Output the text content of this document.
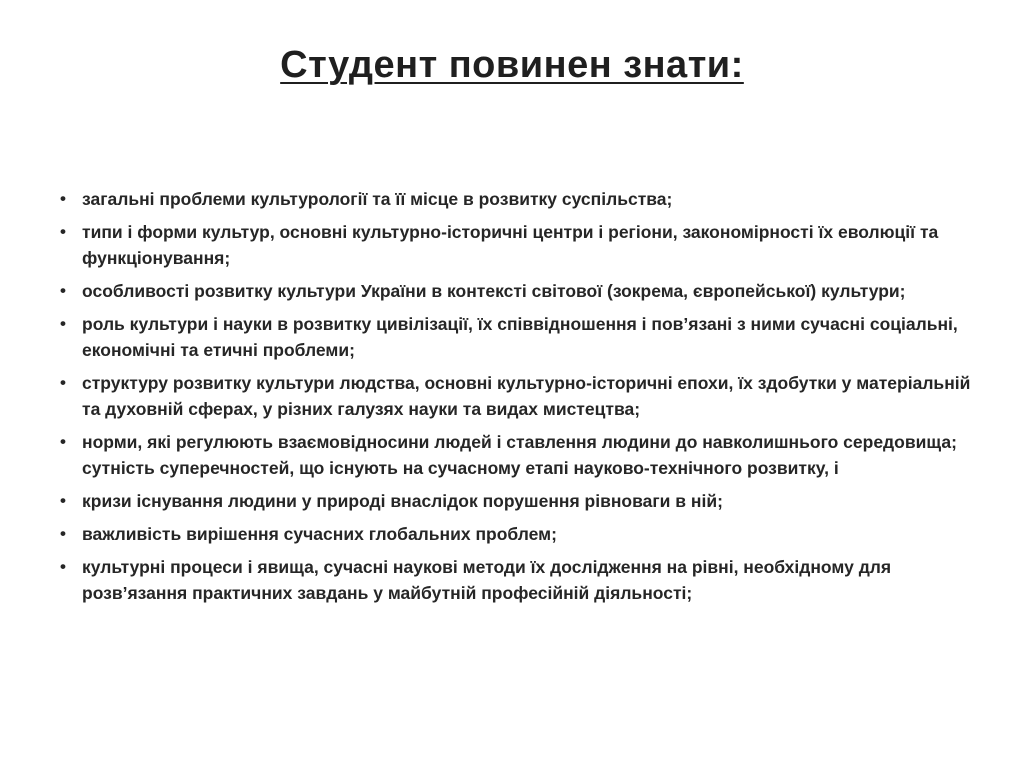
Студент повинен знати:
• загальні проблеми культурології та її місце в розвитку суспільства;
• типи і форми культур, основні культурно-історичні центри і регіони, закономірності їх еволюції та функціонування;
• особливості розвитку культури України в контексті світової (зокрема, європейської) культури;
• роль культури і науки в розвитку цивілізації, їх співвідношення і пов’язані з ними сучасні соціальні, економічні та етичні проблеми;
• структуру розвитку культури людства, основні культурно-історичні епохи, їх здобутки у матеріальній та духовній сферах, у різних галузях науки та видах мистецтва;
• норми, які регулюють взаємовідносини людей і ставлення людини до навколишнього середовища; сутність суперечностей, що існують на сучасному етапі науково-технічного розвитку, і
• кризи існування людини у природі внаслідок порушення рівноваги в ній;
• важливість вирішення сучасних глобальних проблем;
• культурні процеси і явища, сучасні наукові методи їх дослідження на рівні, необхідному для розв’язання практичних завдань у майбутній професійній діяльності;
